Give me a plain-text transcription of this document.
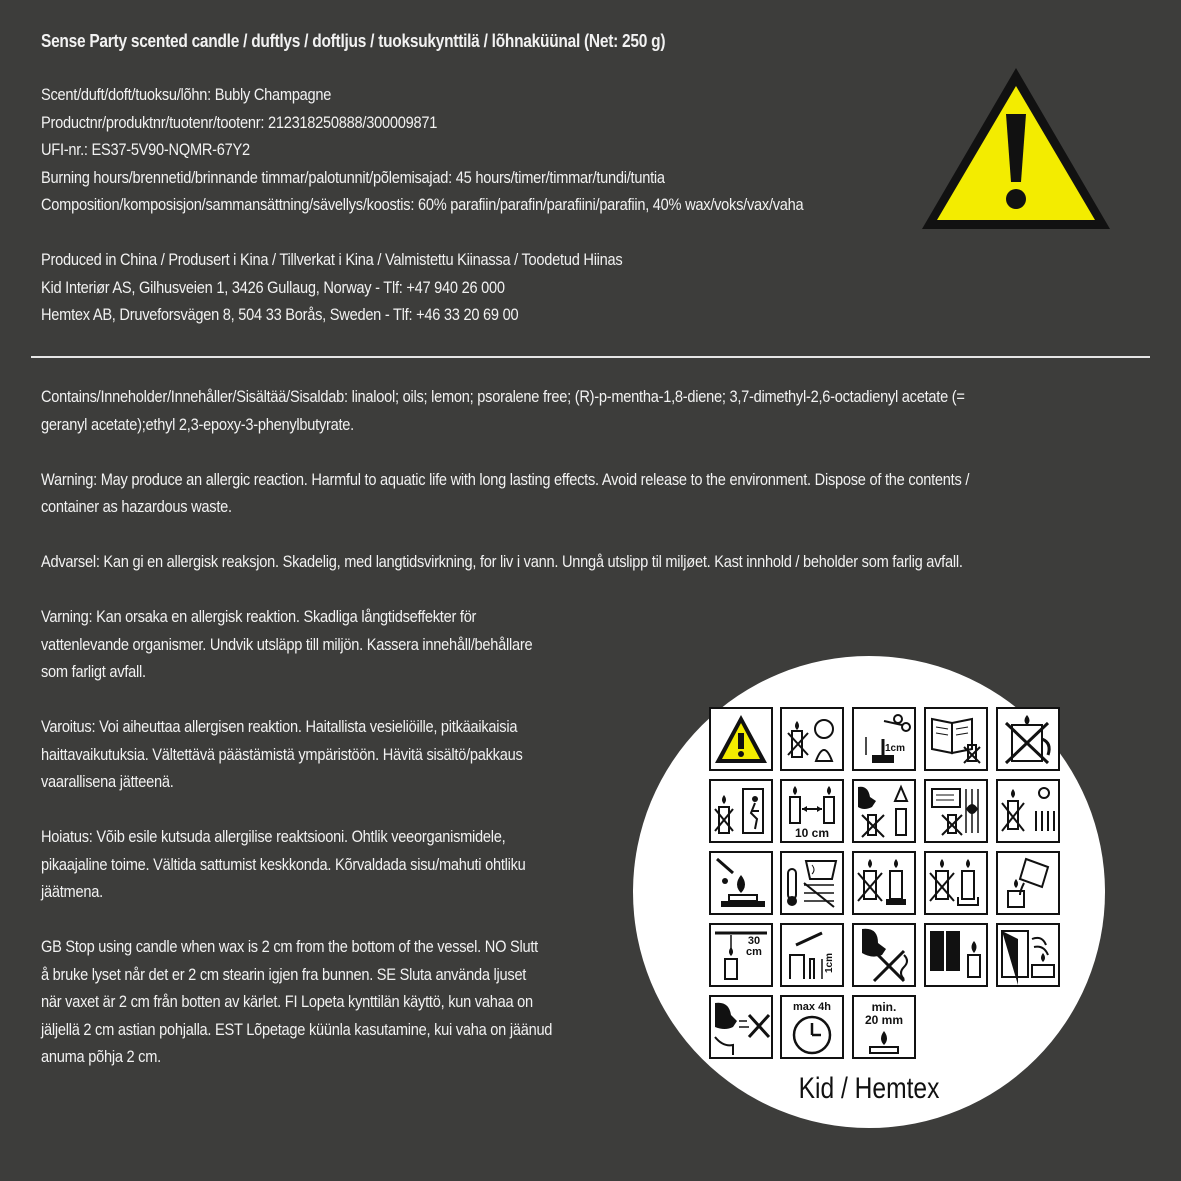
Sense Party scented candle / duftlys / doftljus / tuoksukynttilä / lõhnaküünal (Net: 250 g)

Scent/duft/doft/tuoksu/lõhn: Bubly Champagne

Productnr/produktnr/tuotenr/tootenr: 212318250888/300009871

UFI-nr.: ES37-5V90-NQMR-67Y2

Burning hours/brennetid/brinnande timmar/palotunnit/põlemisajad: 45 hours/timer/timmar/tundi/tuntia

Composition/komposisjon/sammansättning/sävellys/koostis: 60% parafiin/parafin/parafiini/parafiin, 40% wax/voks/vax/vaha

Produced in China / Produsert i Kina / Tillverkat i Kina / Valmistettu Kiinassa / Toodetud Hiinas

Kid Interiør AS, Gilhusveien 1, 3426 Gullaug, Norway - Tlf: +47 940 26 000

Hemtex AB, Druveforsvägen 8, 504 33 Borås, Sweden - Tlf: +46 33 20 69 00

Contains/Inneholder/Innehåller/Sisältää/Sisaldab: linalool; oils; lemon; psoralene free; (R)-p-mentha-1,8-diene; 3,7-dimethyl-2,6-octadienyl acetate (=

geranyl acetate);ethyl 2,3-epoxy-3-phenylbutyrate.

Warning: May produce an allergic reaction. Harmful to aquatic life with long lasting effects. Avoid release to the environment. Dispose of the contents /

container as hazardous waste.

Advarsel: Kan gi en allergisk reaksjon. Skadelig, med langtidsvirkning, for liv i vann. Unngå utslipp til miljøet. Kast innhold / beholder som farlig avfall.

Varning: Kan orsaka en allergisk reaktion. Skadliga långtidseffekter för

vattenlevande organismer. Undvik utsläpp till miljön. Kassera innehåll/behållare

som farligt avfall.

Varoitus: Voi aiheuttaa allergisen reaktion. Haitallista vesieliöille, pitkäaikaisia

haittavaikutuksia. Vältettävä päästämistä ympäristöön. Hävitä sisältö/pakkaus

vaarallisena jätteenä.

Hoiatus: Võib esile kutsuda allergilise reaktsiooni. Ohtlik veeorganismidele,

pikaajaline toime. Vältida sattumist keskkonda. Kõrvaldada sisu/mahuti ohtliku

jäätmena.

GB Stop using candle when wax is 2 cm from the bottom of the vessel. NO Slutt

å bruke lyset når det er 2 cm stearin igjen fra bunnen. SE Sluta använda ljuset

när vaxet är 2 cm från botten av kärlet. FI Lopeta kynttilän käyttö, kun vahaa on

jäljellä 2 cm astian pohjalla. EST Lõpetage küünla kasutamine, kui vaha on jäänud

anuma põhja 2 cm.

1cm
10 cm
30
cm
1cm
max 4h	min.
20 mm
Kid / Hemtex
